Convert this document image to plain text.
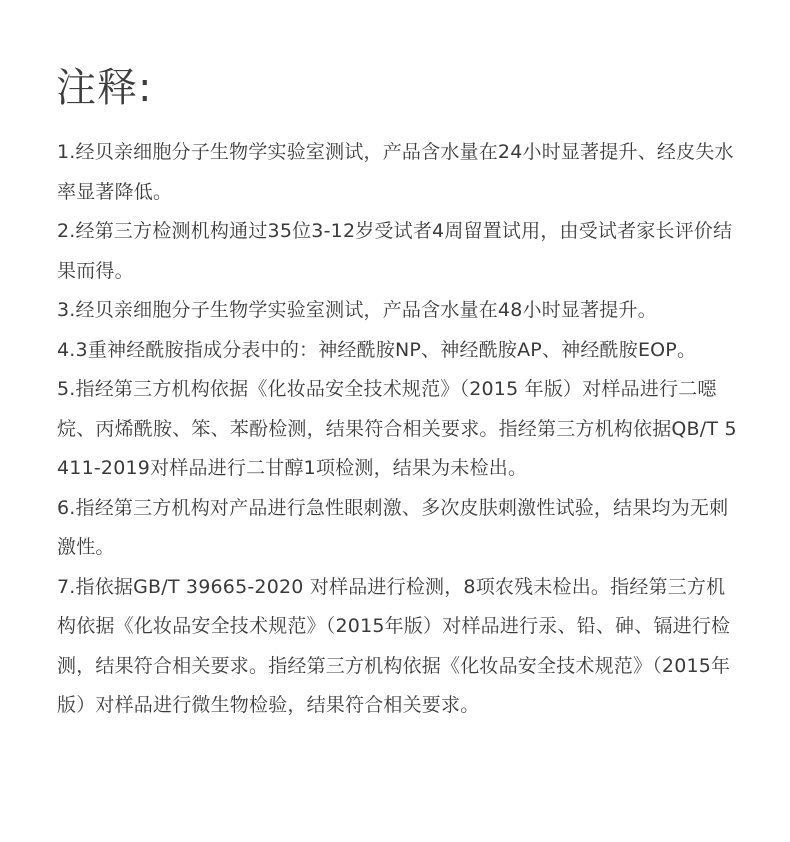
注释:

1.经贝亲细胞分子生物学实验室测试，产品含水量在24小时显著提升、经皮失水率显著降低。

2.经第三方检测机构通过35位3-12岁受试者4周留置试用，由受试者家长评价结果而得。

3.经贝亲细胞分子生物学实验室测试，产品含水量在48小时显著提升。

4.3重神经酰胺指成分表中的：神经酰胺NP、神经酰胺AP、神经酰胺EOP。

5.指经第三方机构依据《化妆品安全技术规范》（2015 年版）对样品进行二噁烷、丙烯酰胺、笨、苯酚检测，结果符合相关要求。指经第三方机构依据QB/T 5411-2019对样品进行二甘醇1项检测，结果为未检出。

6.指经第三方机构对产品进行急性眼刺激、多次皮肤刺激性试验，结果均为无刺激性。

7.指依据GB/T 39665-2020 对样品进行检测，8项农残未检出。指经第三方机构依据《化妆品安全技术规范》（2015年版）对样品进行汞、铅、砷、镉进行检测，结果符合相关要求。指经第三方机构依据《化妆品安全技术规范》（2015年版）对样品进行微生物检验，结果符合相关要求。
